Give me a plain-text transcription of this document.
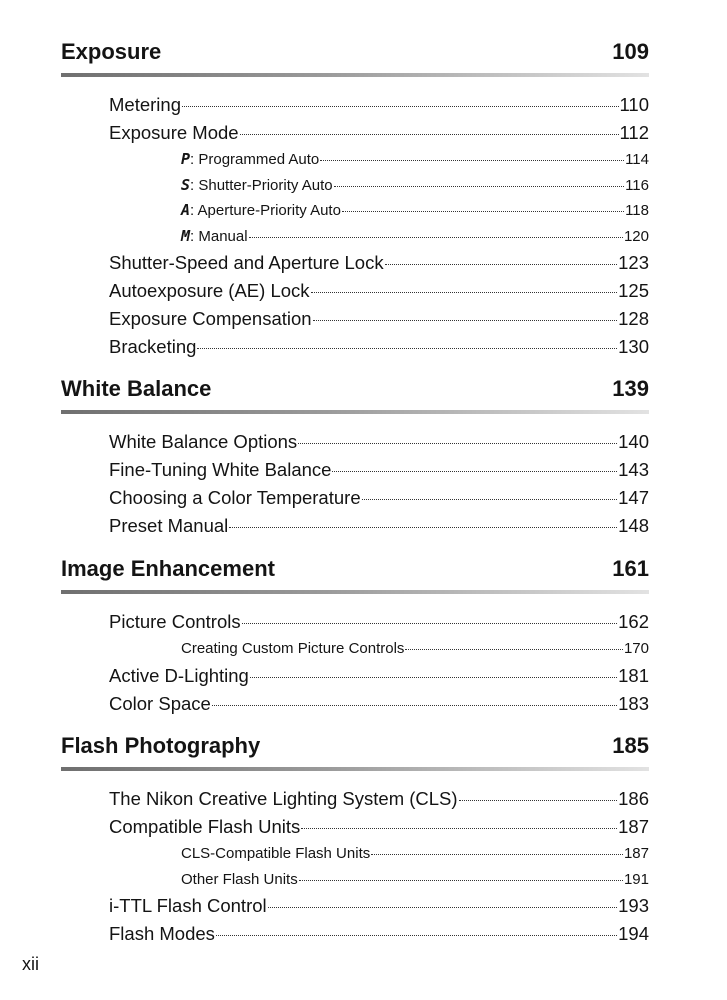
Exposure	109
Metering	110
Exposure Mode	112
P: Programmed Auto	114
S: Shutter-Priority Auto	116
A: Aperture-Priority Auto	118
M: Manual	120
Shutter-Speed and Aperture Lock	123
Autoexposure (AE) Lock	125
Exposure Compensation	128
Bracketing	130
White Balance	139
White Balance Options	140
Fine-Tuning White Balance	143
Choosing a Color Temperature	147
Preset Manual	148
Image Enhancement	161
Picture Controls	162
Creating Custom Picture Controls	170
Active D-Lighting	181
Color Space	183
Flash Photography	185
The Nikon Creative Lighting System (CLS)	186
Compatible Flash Units	187
CLS-Compatible Flash Units	187
Other Flash Units	191
i-TTL Flash Control	193
Flash Modes	194
xii
